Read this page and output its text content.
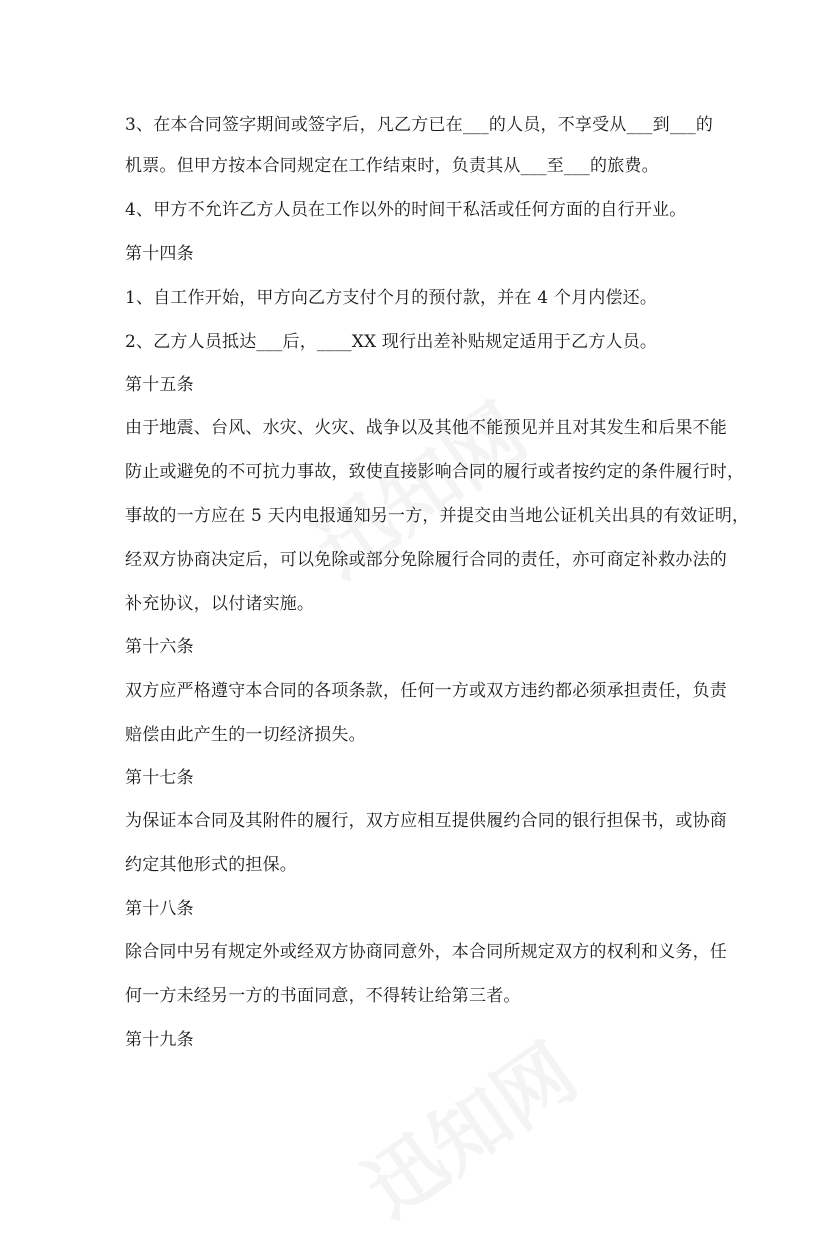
3、在本合同签字期间或签字后，凡乙方已在___的人员，不享受从___到___的
机票。但甲方按本合同规定在工作结束时，负责其从___至___的旅费。
4、甲方不允许乙方人员在工作以外的时间干私活或任何方面的自行开业。
第十四条
1、自工作开始，甲方向乙方支付个月的预付款，并在 4 个月内偿还。
2、乙方人员抵达___后，____XX 现行出差补贴规定适用于乙方人员。
第十五条
由于地震、台风、水灾、火灾、战争以及其他不能预见并且对其发生和后果不能
防止或避免的不可抗力事故，致使直接影响合同的履行或者按约定的条件履行时，
事故的一方应在 5 天内电报通知另一方，并提交由当地公证机关出具的有效证明，
经双方协商决定后，可以免除或部分免除履行合同的责任，亦可商定补救办法的
补充协议，以付诸实施。
第十六条
双方应严格遵守本合同的各项条款，任何一方或双方违约都必须承担责任，负责
赔偿由此产生的一切经济损失。
第十七条
为保证本合同及其附件的履行，双方应相互提供履约合同的银行担保书，或协商
约定其他形式的担保。
第十八条
除合同中另有规定外或经双方协商同意外，本合同所规定双方的权利和义务，任
何一方未经另一方的书面同意，不得转让给第三者。
第十九条
